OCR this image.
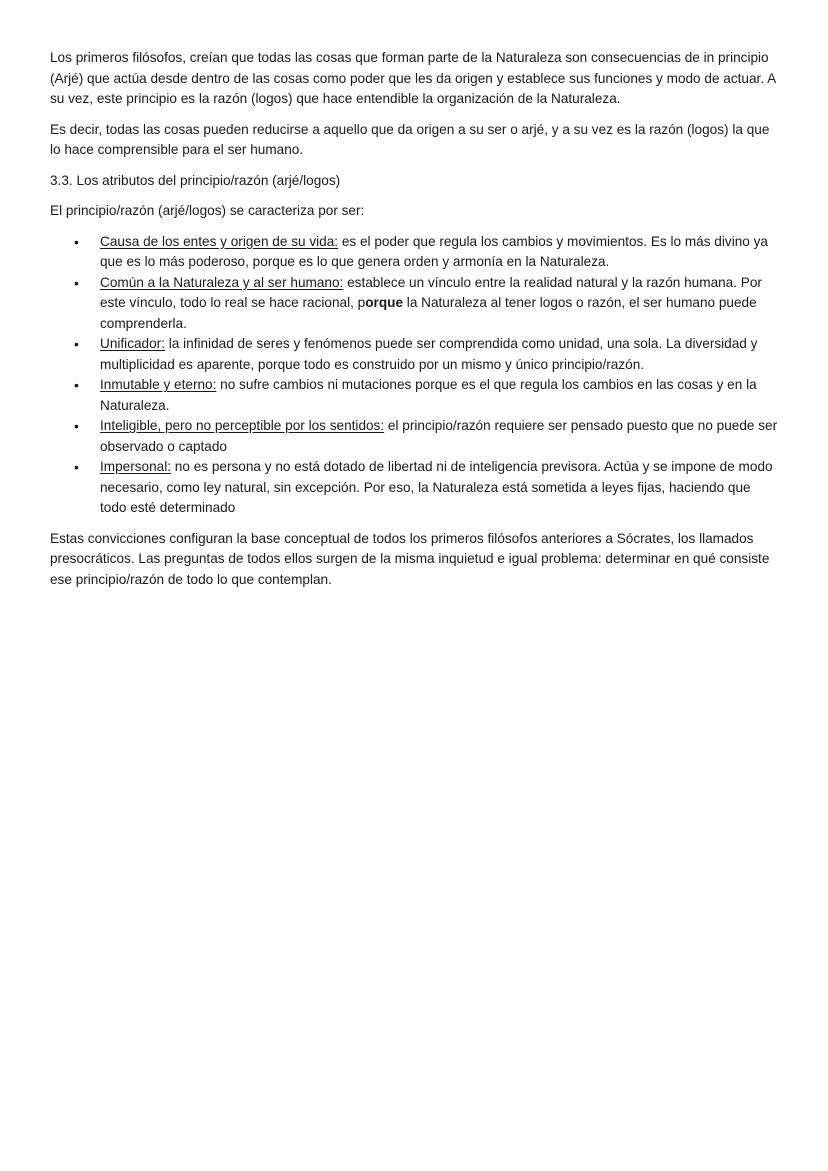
Los primeros filósofos, creían que todas las cosas que forman parte de la Naturaleza son consecuencias de in principio (Arjé) que actúa desde dentro de las cosas como poder que les da origen y establece sus funciones y modo de actuar. A su vez, este principio es la razón (logos) que hace entendible la organización de la Naturaleza.

Es decir, todas las cosas pueden reducirse a aquello que da origen a su ser o arjé, y a su vez es la razón (logos) la que lo hace comprensible para el ser humano.

3.3. Los atributos del principio/razón (arjé/logos)

El principio/razón (arjé/logos) se caracteriza por ser:

• Causa de los entes y origen de su vida: es el poder que regula los cambios y movimientos. Es lo más divino ya que es lo más poderoso, porque es lo que genera orden y armonía en la Naturaleza.
• Común a la Naturaleza y al ser humano: establece un vínculo entre la realidad natural y la razón humana. Por este vínculo, todo lo real se hace racional, porque la Naturaleza al tener logos o razón, el ser humano puede comprenderla.
• Unificador: la infinidad de seres y fenómenos puede ser comprendida como unidad, una sola. La diversidad y multiplicidad es aparente, porque todo es construido por un mismo y único principio/razón.
• Inmutable y eterno: no sufre cambios ni mutaciones porque es el que regula los cambios en las cosas y en la Naturaleza.
• Inteligible, pero no perceptible por los sentidos: el principio/razón requiere ser pensado puesto que no puede ser observado o captado
• Impersonal: no es persona y no está dotado de libertad ni de inteligencia previsora. Actúa y se impone de modo necesario, como ley natural, sin excepción. Por eso, la Naturaleza está sometida a leyes fijas, haciendo que todo esté determinado

Estas convicciones configuran la base conceptual de todos los primeros filósofos anteriores a Sócrates, los llamados presocráticos. Las preguntas de todos ellos surgen de la misma inquietud e igual problema: determinar en qué consiste ese principio/razón de todo lo que contemplan.
